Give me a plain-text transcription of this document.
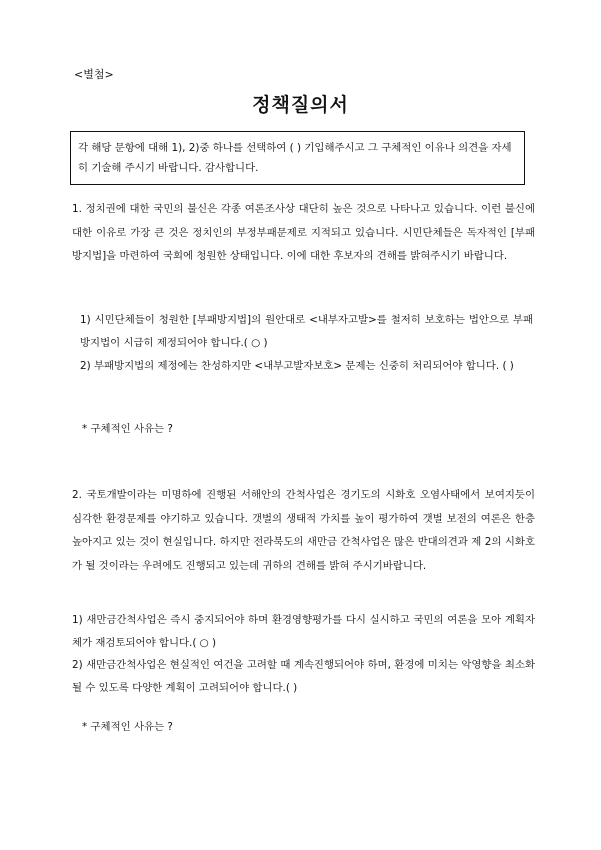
<별첨>
정책질의서
각 해당 문항에 대해 1), 2)중 하나를 선택하여 ( ) 기입해주시고 그 구체적인 이유나 의견을 자세히 기술해 주시기 바랍니다. 감사합니다.
1. 정치권에 대한 국민의 불신은 각종 여론조사상 대단히 높은 것으로 나타나고 있습니다. 이런 불신에 대한 이유로 가장 큰 것은 정치인의 부정부패문제로 지적되고 있습니다. 시민단체들은 독자적인 [부패방지법]을 마련하여 국회에 청원한 상태입니다. 이에 대한 후보자의 견해를 밝혀주시기 바랍니다.
1) 시민단체들이 청원한 [부패방지법]의 원안대로 <내부자고발>를 철저히 보호하는 법안으로 부패방지법이 시급히 제정되어야 합니다.( ○ )
2) 부패방지법의 제정에는 찬성하지만 <내부고발자보호> 문제는 신중히 처리되어야 합니다. ( )
* 구체적인 사유는 ?
2. 국토개발이라는 미명하에 진행된 서해안의 간척사업은 경기도의 시화호 오염사태에서 보여지듯이 심각한 환경문제를 야기하고 있습니다. 갯벌의 생태적 가치를 높이 평가하여 갯벌 보전의 여론은 한층 높아지고 있는 것이 현실입니다. 하지만 전라북도의 새만금 간척사업은 많은 반대의견과 제 2의 시화호가 될 것이라는 우려에도 진행되고 있는데 귀하의 견해를 밝혀 주시기바랍니다.
1) 새만금간척사업은 즉시 중지되어야 하며 환경영향평가를 다시 실시하고 국민의 여론을 모아 계획자체가 재검토되어야 합니다.( ○ )
2) 새만금간척사업은 현실적인 여건을 고려할 때 계속진행되어야 하며, 환경에 미치는 악영향을 최소화 될 수 있도록 다양한 계획이 고려되어야 합니다.( )
* 구체적인 사유는 ?
